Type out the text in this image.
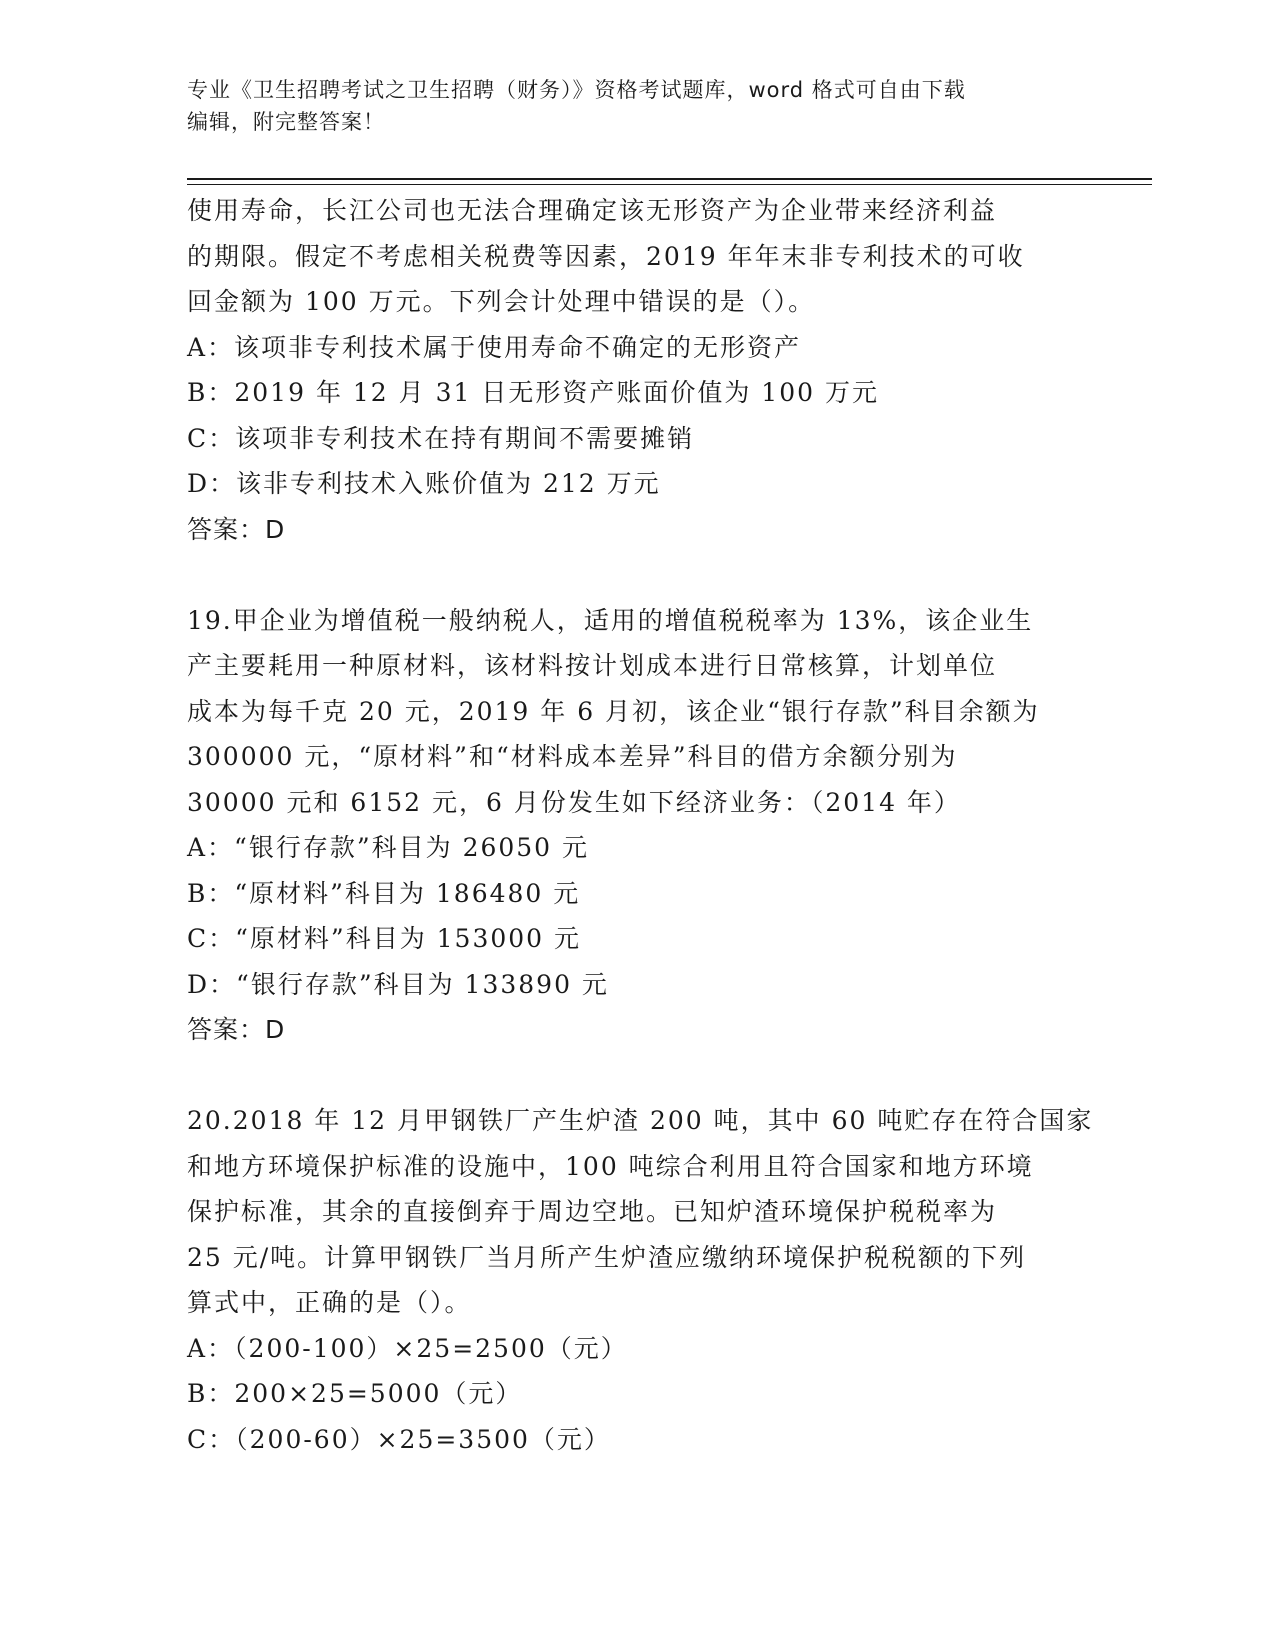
专业《卫生招聘考试之卫生招聘（财务）》资格考试题库，word 格式可自由下载
编辑，附完整答案！
使用寿命，长江公司也无法合理确定该无形资产为企业带来经济利益
的期限。假定不考虑相关税费等因素，2019 年年末非专利技术的可收
回金额为 100 万元。下列会计处理中错误的是（）。
A：该项非专利技术属于使用寿命不确定的无形资产
B：2019 年 12 月 31 日无形资产账面价值为 100 万元
C：该项非专利技术在持有期间不需要摊销
D：该非专利技术入账价值为 212 万元
答案：D
19.甲企业为增值税一般纳税人，适用的增值税税率为 13%，该企业生
产主要耗用一种原材料，该材料按计划成本进行日常核算，计划单位
成本为每千克 20 元，2019 年 6 月初，该企业“银行存款”科目余额为
300000 元，“原材料”和“材料成本差异”科目的借方余额分别为
30000 元和 6152 元，6 月份发生如下经济业务：（2014 年）
A：“银行存款”科目为 26050 元
B：“原材料”科目为 186480 元
C：“原材料”科目为 153000 元
D：“银行存款”科目为 133890 元
答案：D
20.2018 年 12 月甲钢铁厂产生炉渣 200 吨，其中 60 吨贮存在符合国家
和地方环境保护标准的设施中，100 吨综合利用且符合国家和地方环境
保护标准，其余的直接倒弃于周边空地。已知炉渣环境保护税税率为
25 元/吨。计算甲钢铁厂当月所产生炉渣应缴纳环境保护税税额的下列
算式中，正确的是（）。
A：（200-100）×25=2500（元）
B：200×25=5000（元）
C：（200-60）×25=3500（元）
